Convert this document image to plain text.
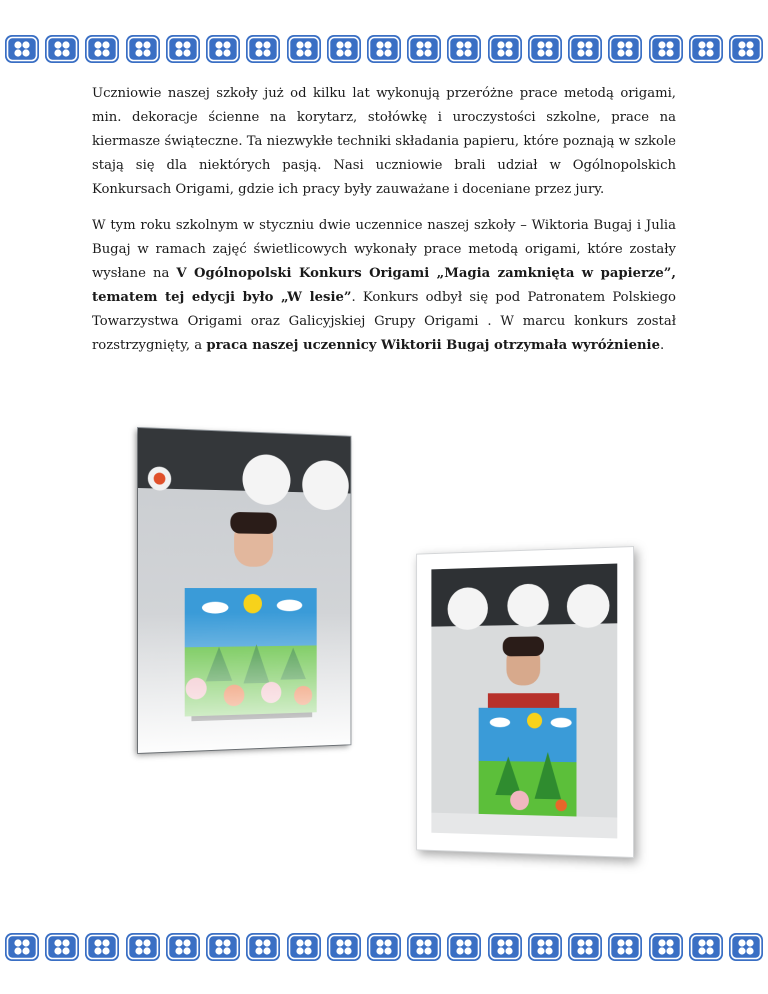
Uczniowie naszej szkoły już od kilku lat wykonują przeróżne prace metodą origami, min. dekoracje ścienne na korytarz, stołówkę i uroczystości szkolne, prace na kiermasze świąteczne. Ta niezwykłe techniki składania papieru, które poznają w szkole stają się dla niektórych pasją. Nasi uczniowie brali udział w Ogólnopolskich Konkursach Origami, gdzie ich pracy były zauważane i doceniane przez jury.

W tym roku szkolnym w styczniu dwie uczennice naszej szkoły – Wiktoria Bugaj i Julia Bugaj w ramach zajęć świetlicowych wykonały prace metodą origami, które zostały wysłane na V Ogólnopolski Konkurs Origami „Magia zamknięta w papierze”, tematem tej edycji było „W lesie”. Konkurs odbył się pod Patronatem Polskiego Towarzystwa Origami oraz Galicyjskiej Grupy Origami . W marcu konkurs został rozstrzygnięty, a praca naszej uczennicy Wiktorii Bugaj otrzymała wyróżnienie.
